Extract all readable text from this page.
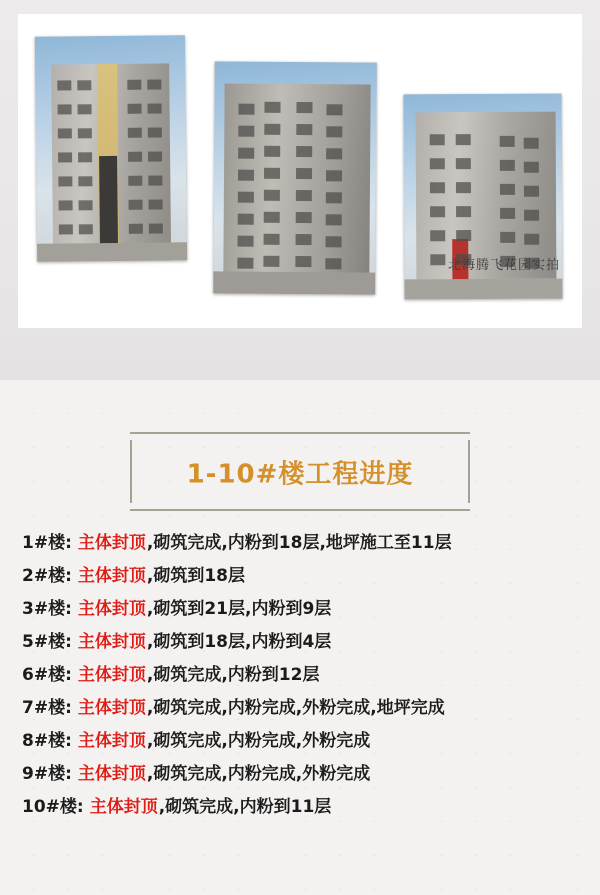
北海腾飞花园实拍
1-10#楼工程进度
1#楼: 主体封顶 ,砌筑完成,内粉到18层,地坪施工至11层
2#楼: 主体封顶 ,砌筑到18层
3#楼: 主体封顶 ,砌筑到21层,内粉到9层
5#楼: 主体封顶 ,砌筑到18层,内粉到4层
6#楼: 主体封顶 ,砌筑完成,内粉到12层
7#楼: 主体封顶 ,砌筑完成,内粉完成,外粉完成,地坪完成
8#楼: 主体封顶 ,砌筑完成,内粉完成,外粉完成
9#楼: 主体封顶 ,砌筑完成,内粉完成,外粉完成
10#楼: 主体封顶 ,砌筑完成,内粉到11层
